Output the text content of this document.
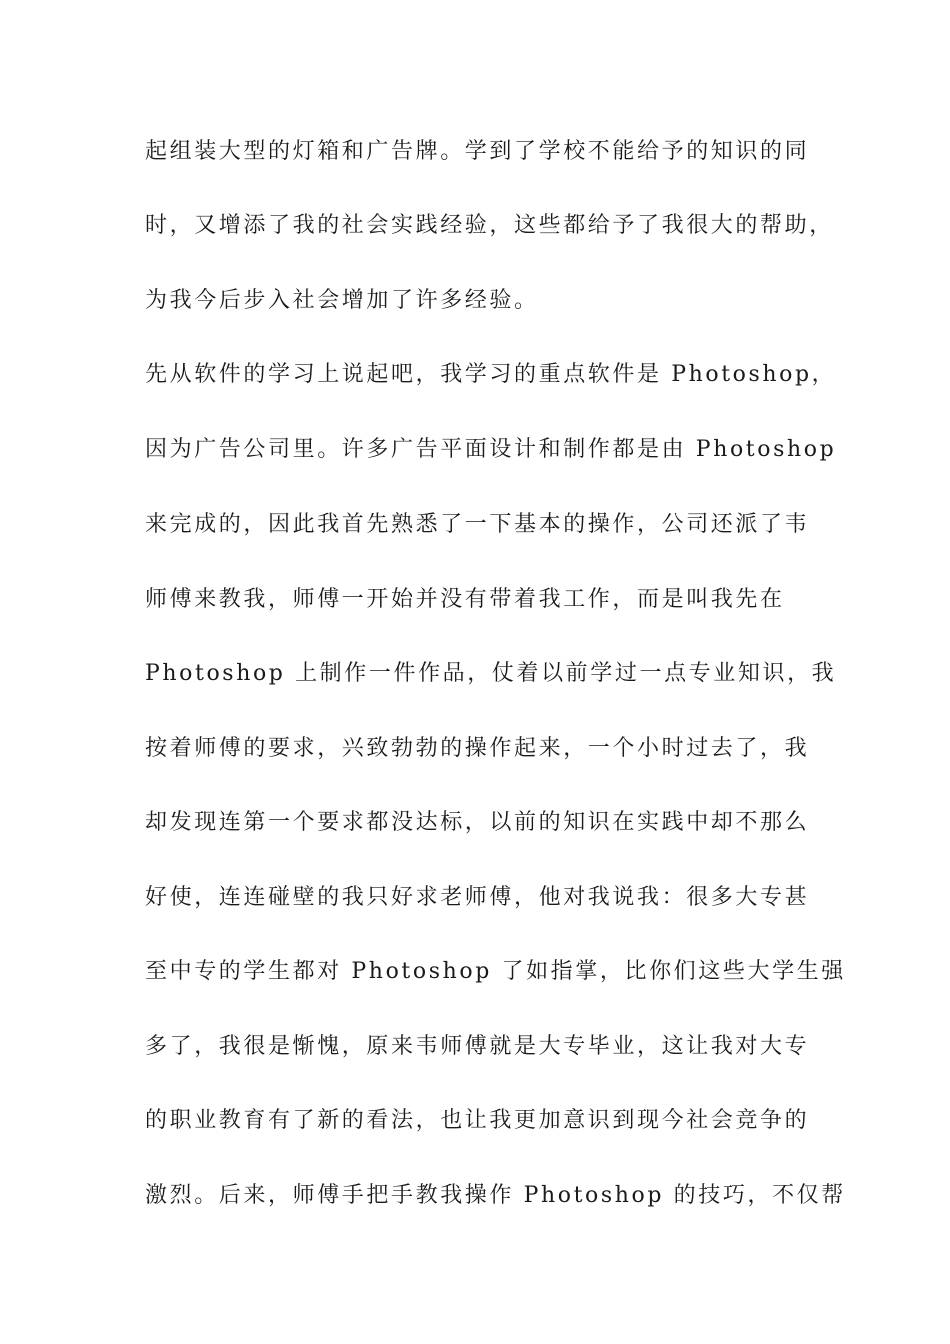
起组装大型的灯箱和广告牌。学到了学校不能给予的知识的同
时，又增添了我的社会实践经验，这些都给予了我很大的帮助，
为我今后步入社会增加了许多经验。
先从软件的学习上说起吧，我学习的重点软件是 Photoshop，
因为广告公司里。许多广告平面设计和制作都是由 Photoshop
来完成的，因此我首先熟悉了一下基本的操作，公司还派了韦
师傅来教我，师傅一开始并没有带着我工作，而是叫我先在
Photoshop 上制作一件作品，仗着以前学过一点专业知识，我
按着师傅的要求，兴致勃勃的操作起来，一个小时过去了，我
却发现连第一个要求都没达标，以前的知识在实践中却不那么
好使，连连碰壁的我只好求老师傅，他对我说我：很多大专甚
至中专的学生都对 Photoshop 了如指掌，比你们这些大学生强
多了，我很是惭愧，原来韦师傅就是大专毕业，这让我对大专
的职业教育有了新的看法，也让我更加意识到现今社会竞争的
激烈。后来，师傅手把手教我操作 Photoshop 的技巧，不仅帮
